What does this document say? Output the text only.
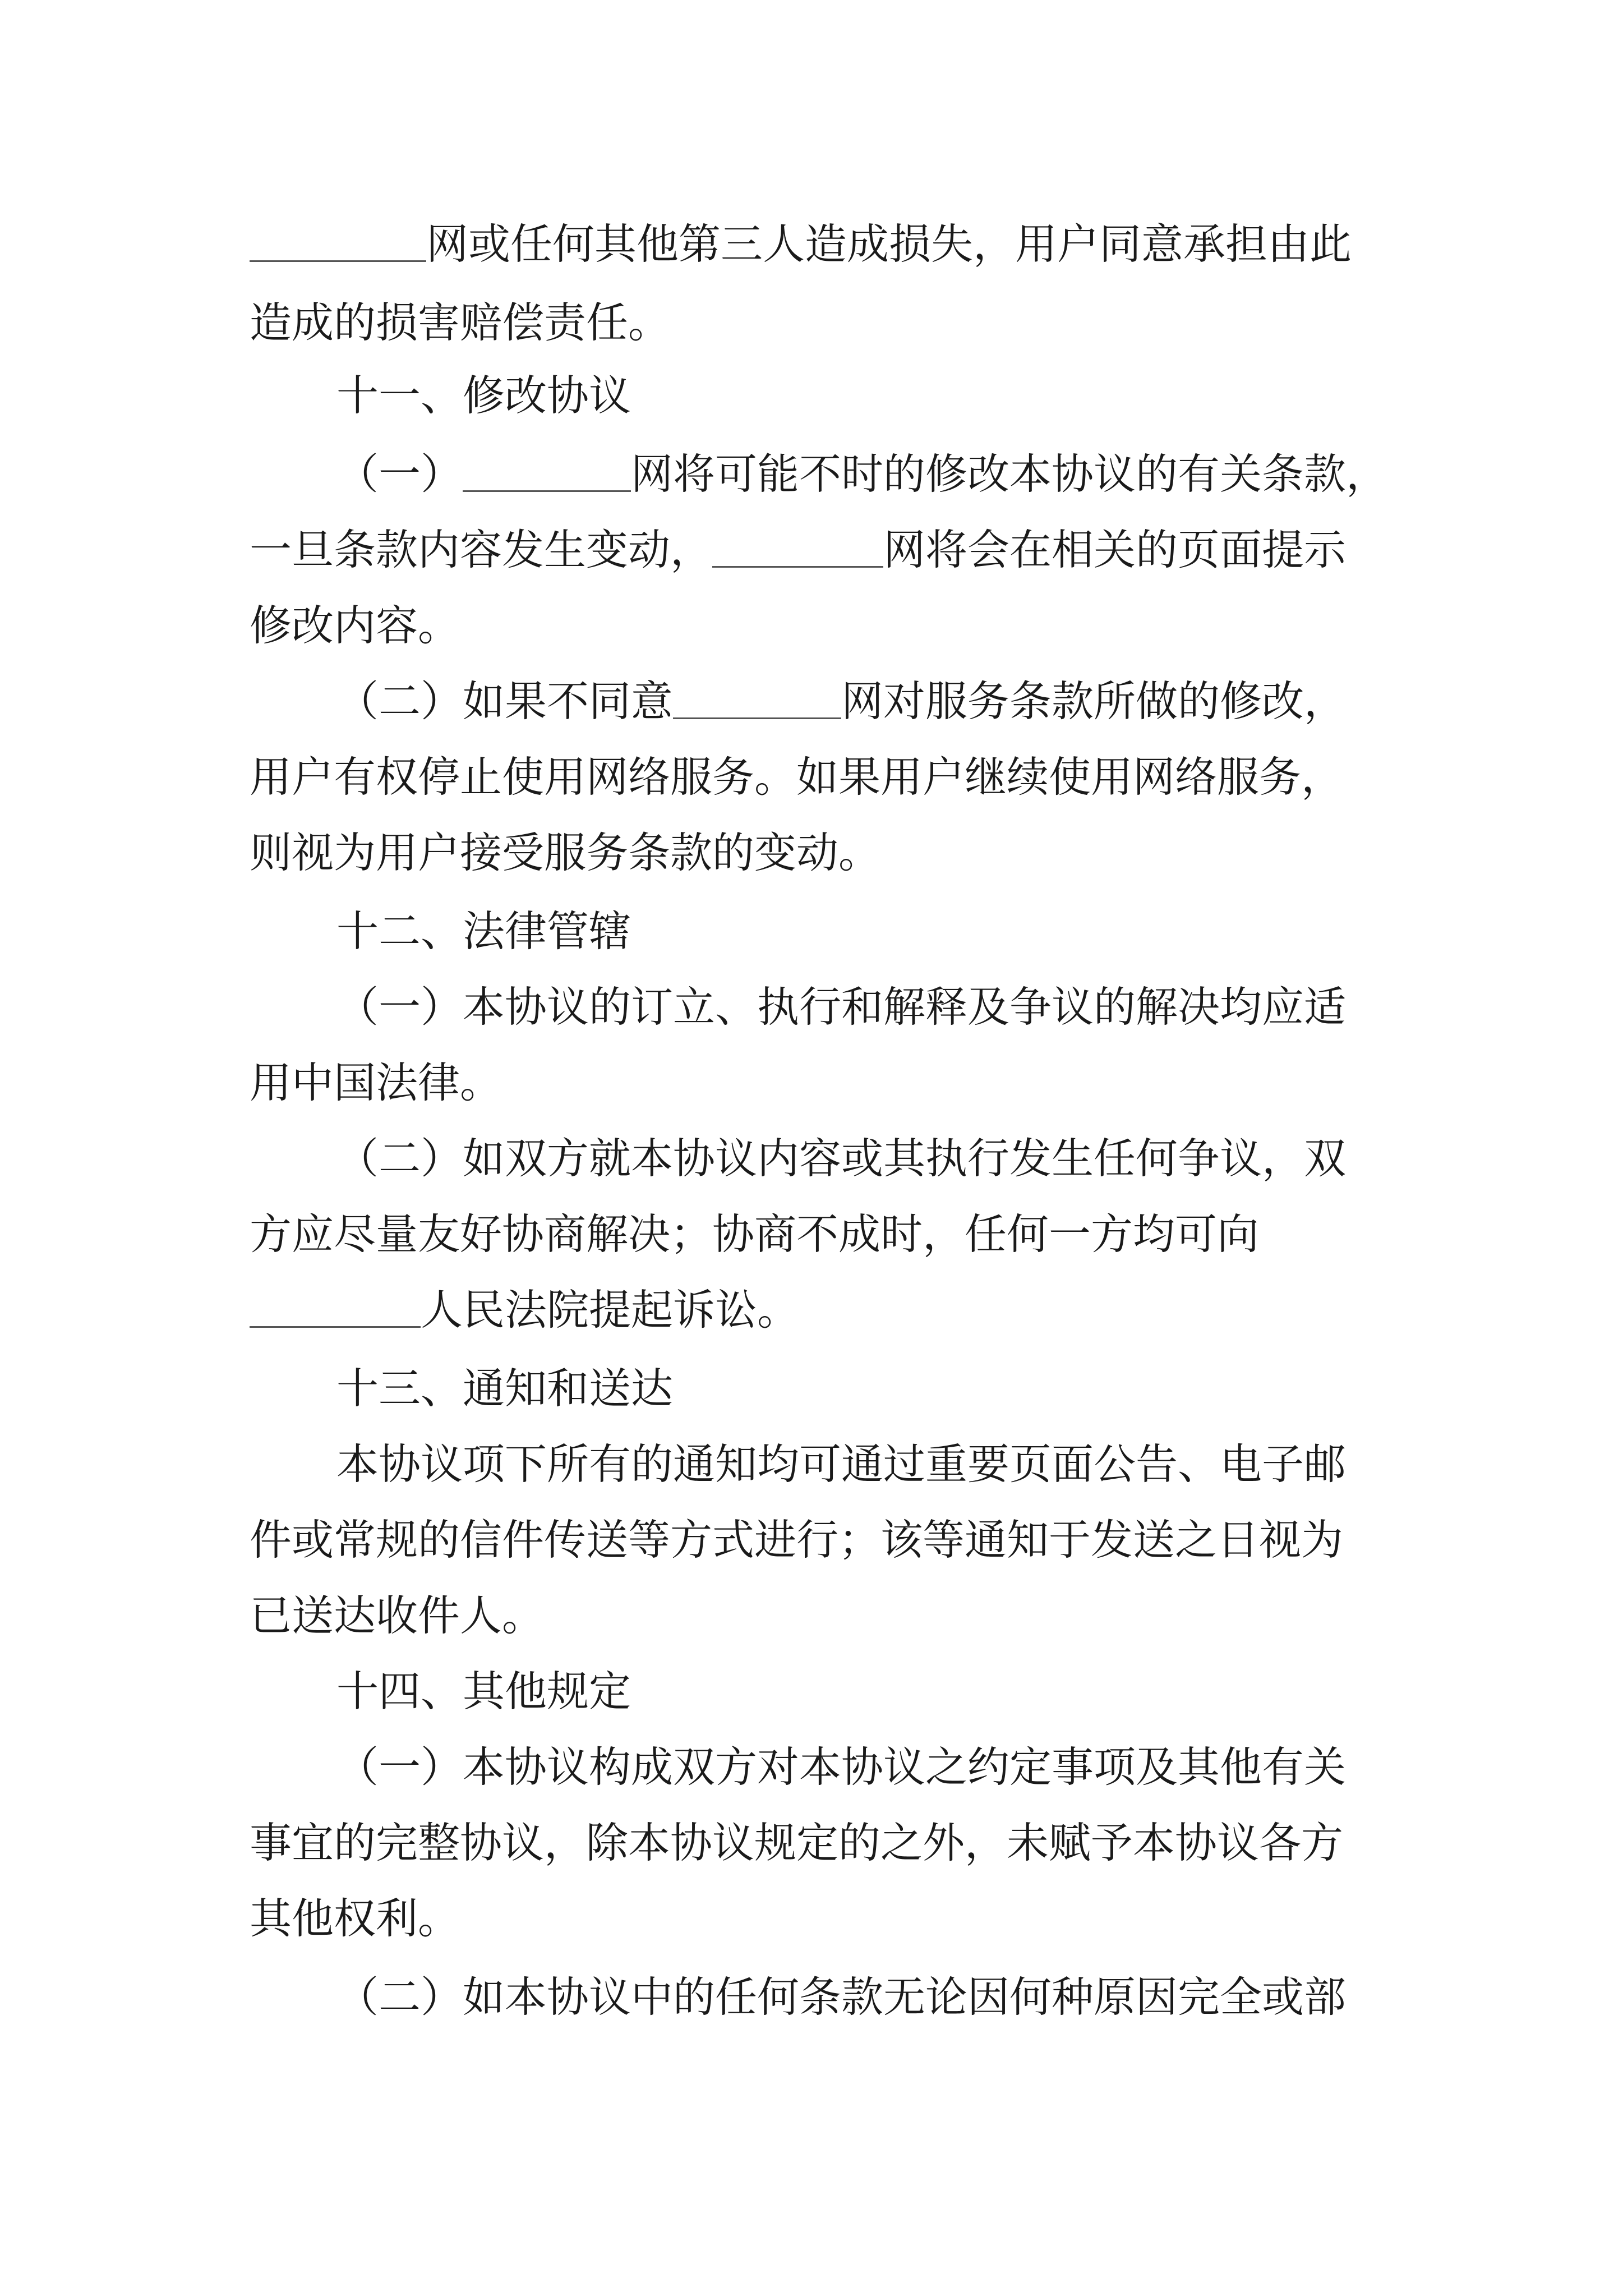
网或任何其他第三人造成损失，用户同意承担由此
造成的损害赔偿责任。
十一、修改协议
（一）	网将可能不时的修改本协议的有关条款，
一旦条款内容发生变动，	网将会在相关的页面提示
修改内容。
（二）如果不同意	网对服务条款所做的修改，
用户有权停止使用网络服务。如果用户继续使用网络服务，
则视为用户接受服务条款的变动。
十二、法律管辖
（一）本协议的订立、执行和解释及争议的解决均应适
用中国法律。
（二）如双方就本协议内容或其执行发生任何争议，双
方应尽量友好协商解决；协商不成时，任何一方均可向
人民法院提起诉讼。
十三、通知和送达
本协议项下所有的通知均可通过重要页面公告、电子邮
件或常规的信件传送等方式进行；该等通知于发送之日视为
已送达收件人。
十四、其他规定
（一）本协议构成双方对本协议之约定事项及其他有关
事宜的完整协议，除本协议规定的之外，未赋予本协议各方
其他权利。
（二）如本协议中的任何条款无论因何种原因完全或部
